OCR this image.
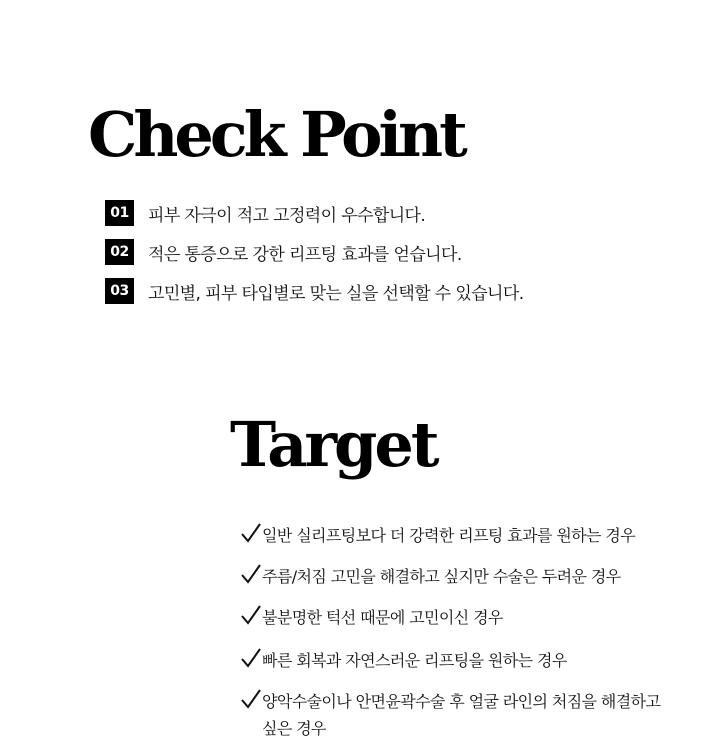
Check Point
01	피부 자극이 적고 고정력이 우수합니다.
02	적은 통증으로 강한 리프팅 효과를 얻습니다.
03	고민별, 피부 타입별로 맞는 실을 선택할 수 있습니다.
Target
일반 실리프팅보다 더 강력한 리프팅 효과를 원하는 경우
주름/처짐 고민을 해결하고 싶지만 수술은 두려운 경우
불분명한 턱선 때문에 고민이신 경우
빠른 회복과 자연스러운 리프팅을 원하는 경우
양악수술이나 안면윤곽수술 후 얼굴 라인의 처짐을 해결하고 싶은 경우
